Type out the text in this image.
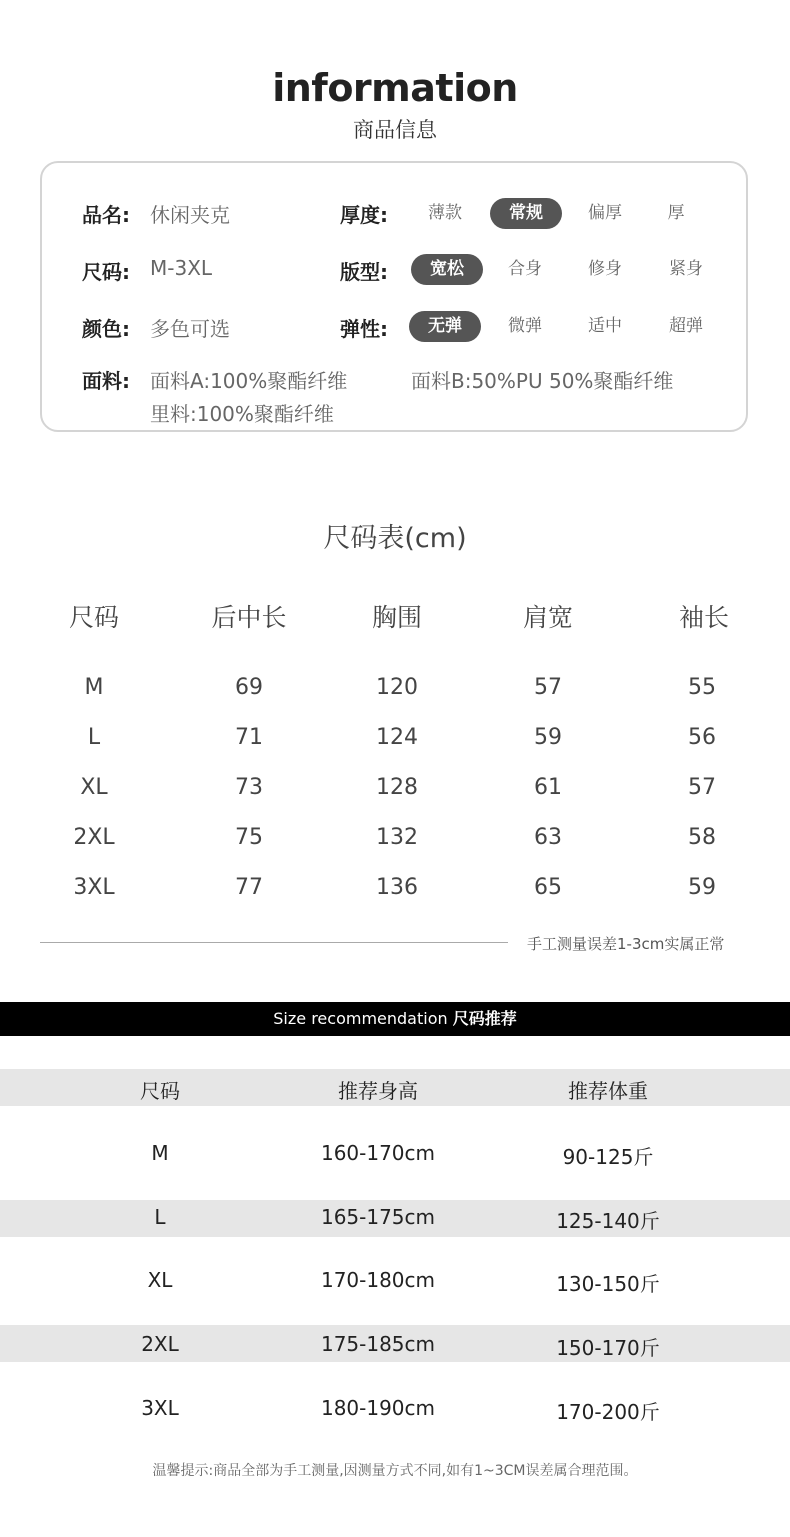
information
商品信息
品名: 休闲夹克
尺码: M-3XL
颜色: 多色可选
面料: 面料A:100%聚酯纤维	面料B:50%PU 50%聚酯纤维
里料:100%聚酯纤维
厚度:	薄款	常规	偏厚	厚
版型:	宽松	合身	修身	紧身
弹性:	无弹	微弹	适中	超弹
尺码表(cm)
尺码	后中长	胸围	肩宽	袖长
M	69	120	57	55
L	71	124	59	56
XL	73	128	61	57
2XL	75	132	63	58
3XL	77	136	65	59
手工测量误差1-3cm实属正常
Size recommendation 尺码推荐
尺码	推荐身高	推荐体重
M	160-170cm	90-125斤
L	165-175cm	125-140斤
XL	170-180cm	130-150斤
2XL	175-185cm	150-170斤
3XL	180-190cm	170-200斤
温馨提示:商品全部为手工测量,因测量方式不同,如有1~3CM误差属合理范围。
